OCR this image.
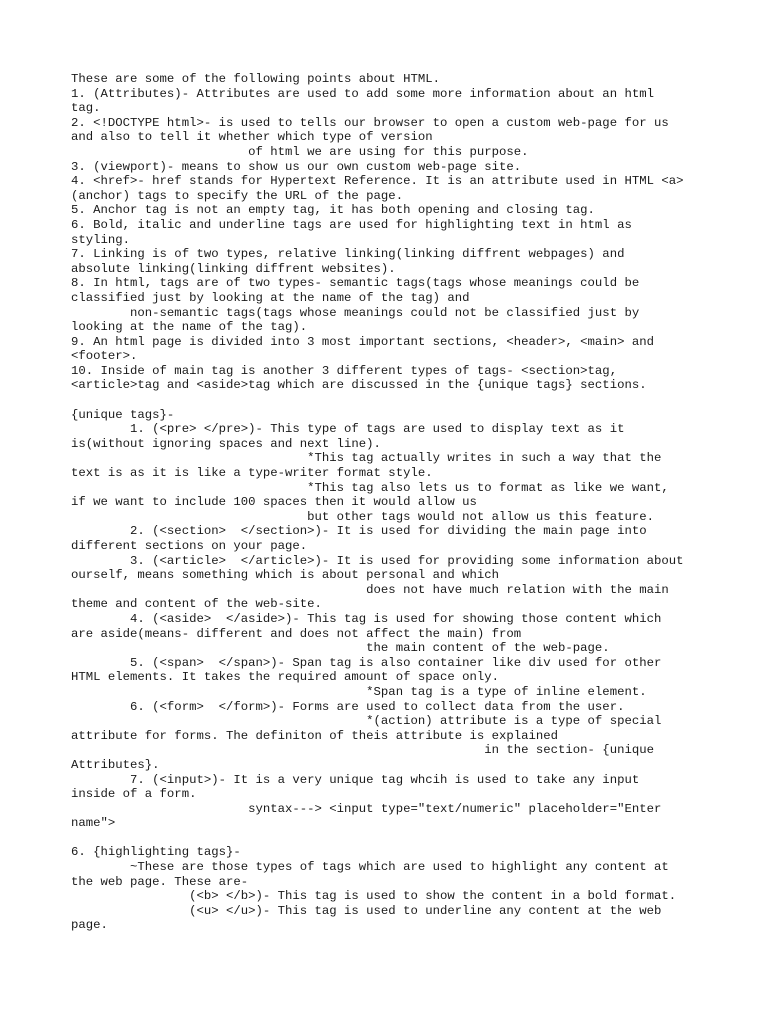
These are some of the following points about HTML.
1. (Attributes)- Attributes are used to add some more information about an html
tag.
2. <!DOCTYPE html>- is used to tells our browser to open a custom web-page for us
and also to tell it whether which type of version
of html we are using for this purpose.
3. (viewport)- means to show us our own custom web-page site.
4. <href>- href stands for Hypertext Reference. It is an attribute used in HTML <a>
(anchor) tags to specify the URL of the page.
5. Anchor tag is not an empty tag, it has both opening and closing tag.
6. Bold, italic and underline tags are used for highlighting text in html as
styling.
7. Linking is of two types, relative linking(linking diffrent webpages) and
absolute linking(linking diffrent websites).
8. In html, tags are of two types- semantic tags(tags whose meanings could be
classified just by looking at the name of the tag) and
non-semantic tags(tags whose meanings could not be classified just by
looking at the name of the tag).
9. An html page is divided into 3 most important sections, <header>, <main> and
<footer>.
10. Inside of main tag is another 3 different types of tags- <section>tag,
<article>tag and <aside>tag which are discussed in the {unique tags} sections.
{unique tags}-
1. (<pre> </pre>)- This type of tags are used to display text as it
is(without ignoring spaces and next line).
*This tag actually writes in such a way that the
text is as it is like a type-writer format style.
*This tag also lets us to format as like we want,
if we want to include 100 spaces then it would allow us
but other tags would not allow us this feature.
2. (<section>  </section>)- It is used for dividing the main page into
different sections on your page.
3. (<article>  </article>)- It is used for providing some information about
ourself, means something which is about personal and which
does not have much relation with the main
theme and content of the web-site.
4. (<aside>  </aside>)- This tag is used for showing those content which
are aside(means- different and does not affect the main) from
the main content of the web-page.
5. (<span>  </span>)- Span tag is also container like div used for other
HTML elements. It takes the required amount of space only.
*Span tag is a type of inline element.
6. (<form>  </form>)- Forms are used to collect data from the user.
*(action) attribute is a type of special
attribute for forms. The definiton of theis attribute is explained
in the section- {unique
Attributes}.
7. (<input>)- It is a very unique tag whcih is used to take any input
inside of a form.
syntax---> <input type="text/numeric" placeholder="Enter
name">
6. {highlighting tags}-
~These are those types of tags which are used to highlight any content at
the web page. These are-
(<b> </b>)- This tag is used to show the content in a bold format.
(<u> </u>)- This tag is used to underline any content at the web
page.
